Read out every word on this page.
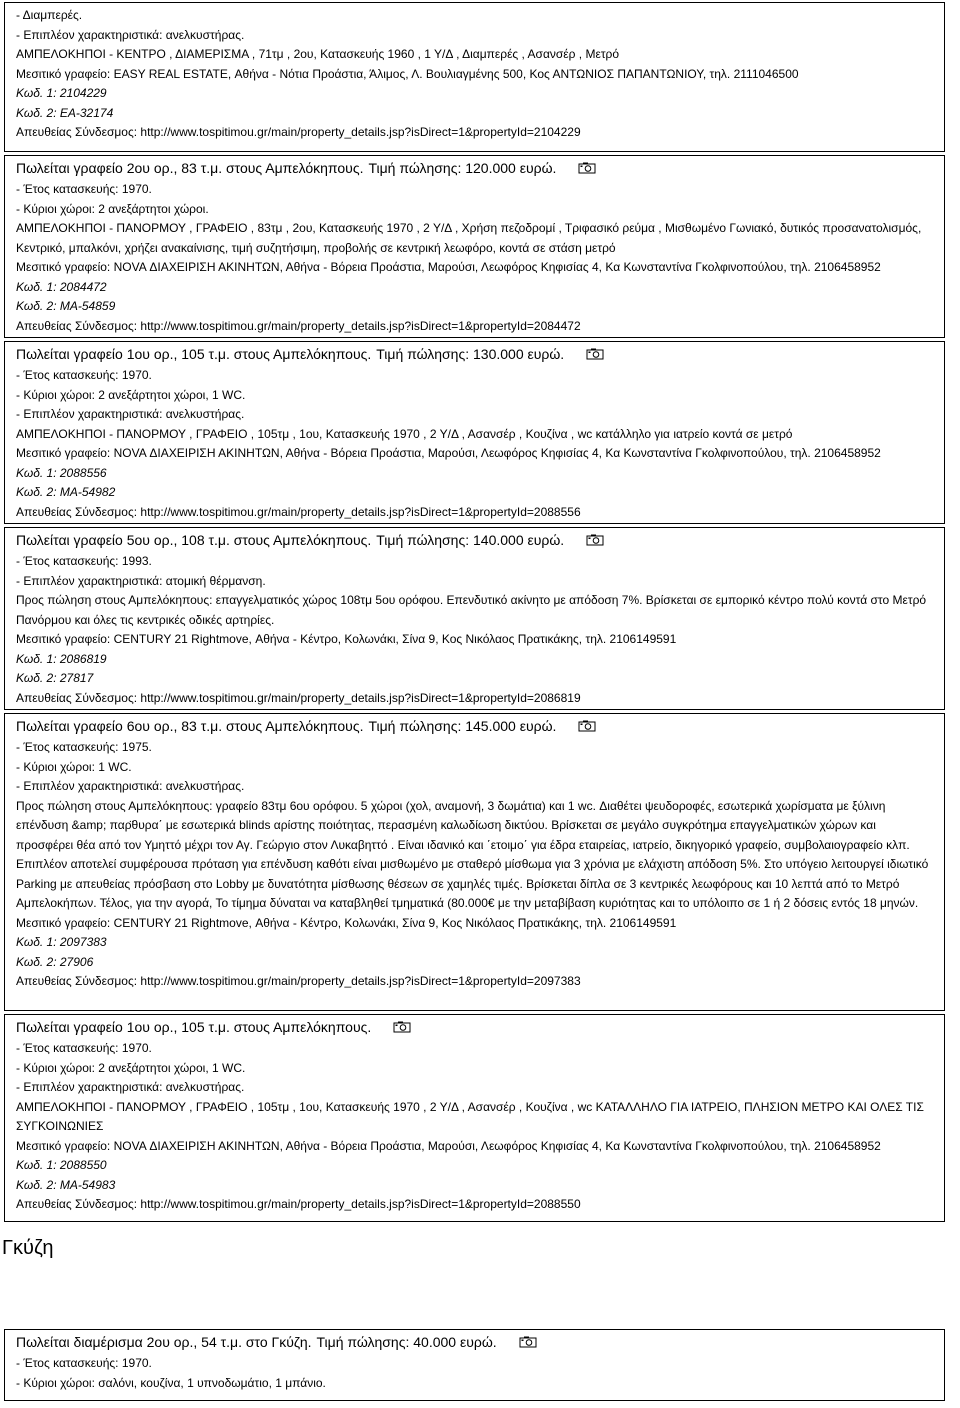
- Διαμπερές.
- Επιπλέον χαρακτηριστικά: ανελκυστήρας.
ΑΜΠΕΛΟΚΗΠΟΙ - ΚΕΝΤΡΟ , ΔΙΑΜΕΡΙΣΜΑ , 71τμ , 2ου, Κατασκευής 1960 , 1 Υ/Δ , Διαμπερές , Ασανσέρ , Μετρό
Μεσιτικό γραφείο: EASY REAL ESTATE, Αθήνα - Νότια Προάστια, Άλιμος, Λ. Βουλιαγμένης 500, Κος ΑΝΤΩΝΙΟΣ ΠΑΠΑΝΤΩΝΙΟΥ, τηλ. 2111046500
Κωδ. 1: 2104229
Κωδ. 2: ΕΑ-32174
Απευθείας Σύνδεσμος: http://www.tospitimou.gr/main/property_details.jsp?isDirect=1&propertyId=2104229
Πωλείται γραφείο 2ου ορ., 83 τ.μ. στους Αμπελόκηπους. Τιμή πώλησης: 120.000 ευρώ.
- Έτος κατασκευής: 1970.
- Κύριοι χώροι: 2 ανεξάρτητοι χώροι.
ΑΜΠΕΛΟΚΗΠΟΙ - ΠΑΝΟΡΜΟΥ , ΓΡΑΦΕΙΟ , 83τμ , 2ου, Κατασκευής 1970 , 2 Υ/Δ , Χρήση πεζοδρομί , Τριφασικό ρεύμα , Μισθωμένο Γωνιακό, δυτικός προσανατολισμός, Κεντρικό, μπαλκόνι, χρήζει ανακαίνισης, τιμή συζητήσιμη, προβολής σε κεντρική λεωφόρο, κοντά σε στάση μετρό
Μεσιτικό γραφείο: NOVA ΔΙΑΧΕΙΡΙΣΗ ΑΚΙΝΗΤΩΝ, Αθήνα - Βόρεια Προάστια, Μαρούσι, Λεωφόρος Κηφισίας 4, Κα Κωνσταντίνα Γκολφινοπούλου, τηλ. 2106458952
Κωδ. 1: 2084472
Κωδ. 2: ΜΑ-54859
Απευθείας Σύνδεσμος: http://www.tospitimou.gr/main/property_details.jsp?isDirect=1&propertyId=2084472
Πωλείται γραφείο 1ου ορ., 105 τ.μ. στους Αμπελόκηπους. Τιμή πώλησης: 130.000 ευρώ.
- Έτος κατασκευής: 1970.
- Κύριοι χώροι: 2 ανεξάρτητοι χώροι, 1 WC.
- Επιπλέον χαρακτηριστικά: ανελκυστήρας.
ΑΜΠΕΛΟΚΗΠΟΙ - ΠΑΝΟΡΜΟΥ , ΓΡΑΦΕΙΟ , 105τμ , 1ου, Κατασκευής 1970 , 2 Υ/Δ , Ασανσέρ , Κουζίνα , wc κατάλληλο για ιατρείο κοντά σε μετρό
Μεσιτικό γραφείο: NOVA ΔΙΑΧΕΙΡΙΣΗ ΑΚΙΝΗΤΩΝ, Αθήνα - Βόρεια Προάστια, Μαρούσι, Λεωφόρος Κηφισίας 4, Κα Κωνσταντίνα Γκολφινοπούλου, τηλ. 2106458952
Κωδ. 1: 2088556
Κωδ. 2: ΜΑ-54982
Απευθείας Σύνδεσμος: http://www.tospitimou.gr/main/property_details.jsp?isDirect=1&propertyId=2088556
Πωλείται γραφείο 5ου ορ., 108 τ.μ. στους Αμπελόκηπους. Τιμή πώλησης: 140.000 ευρώ.
- Έτος κατασκευής: 1993.
- Επιπλέον χαρακτηριστικά: ατομική θέρμανση.
Προς πώληση στους Αμπελόκηπους: επαγγελματικός χώρος 108τμ 5ου ορόφου. Επενδυτικό ακίνητο με απόδοση 7%. Βρίσκεται σε εμπορικό κέντρο πολύ κοντά στο Μετρό Πανόρμου και όλες τις κεντρικές οδικές αρτηρίες.
Μεσιτικό γραφείο: CENTURY 21 Rightmove, Αθήνα - Κέντρο, Κολωνάκι, Σίνα 9, Κος Νικόλαος Πρατικάκης, τηλ. 2106149591
Κωδ. 1: 2086819
Κωδ. 2: 27817
Απευθείας Σύνδεσμος: http://www.tospitimou.gr/main/property_details.jsp?isDirect=1&propertyId=2086819
Πωλείται γραφείο 6ου ορ., 83 τ.μ. στους Αμπελόκηπους. Τιμή πώλησης: 145.000 ευρώ.
- Έτος κατασκευής: 1975.
- Κύριοι χώροι: 1 WC.
- Επιπλέον χαρακτηριστικά: ανελκυστήρας.
Προς πώληση στους Αμπελόκηπους: γραφείο 83τμ 6ου ορόφου. 5 χώροι (χολ, αναμονή, 3 δωμάτια) και 1 wc. Διαθέτει ψευδοροφές, εσωτερικά χωρίσματα με ξύλινη επένδυση &amp; παρ̈θυρα΄ με εσωτερικά blinds αρίστης ποιότητας, περασμένη καλωδίωση δικτύου. Βρίσκεται σε μεγάλο συγκρότημα επαγγελματικών χώρων και προσφέρει θέα από τον Υμηττό μέχρι τον Αγ. Γεώργιο στον Λυκαβηττό . Είναι ιδανικό και ΄ετοιμο΄ για έδρα εταιρείας, ιατρείο, δικηγορικό γραφείο, συμβολαιογραφείο κλπ. Επιπλέον αποτελεί συμφέρουσα πρόταση για επένδυση καθότι είναι μισθωμένο με σταθερό μίσθωμα για 3 χρόνια με ελάχιστη απόδοση 5%. Στο υπόγειο λειτουργεί ιδιωτικό Parking με απευθείας πρόσβαση στο Lobby με δυνατότητα μίσθωσης θέσεων σε χαμηλές τιμές. Βρίσκεται δίπλα σε 3 κεντρικές λεωφόρους και 10 λεπτά από το Μετρό Αμπελοκήπων. Τέλος, για την αγορά, Το τίμημα δύναται να καταβληθεί τμηματικά (80.000€ με την μεταβίβαση κυριότητας και το υπόλοιπο σε 1 ή 2 δόσεις εντός 18 μηνών.
Μεσιτικό γραφείο: CENTURY 21 Rightmove, Αθήνα - Κέντρο, Κολωνάκι, Σίνα 9, Κος Νικόλαος Πρατικάκης, τηλ. 2106149591
Κωδ. 1: 2097383
Κωδ. 2: 27906
Απευθείας Σύνδεσμος: http://www.tospitimou.gr/main/property_details.jsp?isDirect=1&propertyId=2097383
Πωλείται γραφείο 1ου ορ., 105 τ.μ. στους Αμπελόκηπους.
- Έτος κατασκευής: 1970.
- Κύριοι χώροι: 2 ανεξάρτητοι χώροι, 1 WC.
- Επιπλέον χαρακτηριστικά: ανελκυστήρας.
ΑΜΠΕΛΟΚΗΠΟΙ - ΠΑΝΟΡΜΟΥ , ΓΡΑΦΕΙΟ , 105τμ , 1ου, Κατασκευής 1970 , 2 Υ/Δ , Ασανσέρ , Κουζίνα , wc ΚΑΤΑΛΛΗΛΟ ΓΙΑ ΙΑΤΡΕΙΟ, ΠΛΗΣΙΟΝ ΜΕΤΡΟ ΚΑΙ ΟΛΕΣ ΤΙΣ ΣΥΓΚΟΙΝΩΝΙΕΣ
Μεσιτικό γραφείο: NOVA ΔΙΑΧΕΙΡΙΣΗ ΑΚΙΝΗΤΩΝ, Αθήνα - Βόρεια Προάστια, Μαρούσι, Λεωφόρος Κηφισίας 4, Κα Κωνσταντίνα Γκολφινοπούλου, τηλ. 2106458952
Κωδ. 1: 2088550
Κωδ. 2: ΜΑ-54983
Απευθείας Σύνδεσμος: http://www.tospitimou.gr/main/property_details.jsp?isDirect=1&propertyId=2088550
Γκύζη
Πωλείται διαμέρισμα 2ου ορ., 54 τ.μ. στο Γκύζη. Τιμή πώλησης: 40.000 ευρώ.
- Έτος κατασκευής: 1970.
- Κύριοι χώροι: σαλόνι, κουζίνα, 1 υπνοδωμάτιο, 1 μπάνιο.
